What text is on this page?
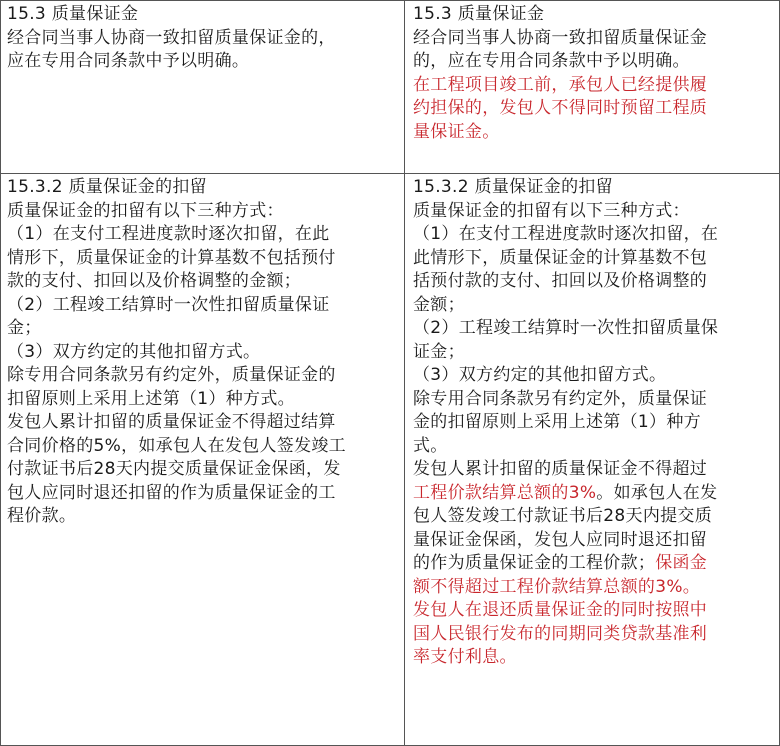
15.3 质量保证金
经合同当事人协商一致扣留质量保证金的，
应在专用合同条款中予以明确。
15.3 质量保证金
经合同当事人协商一致扣留质量保证金
的，应在专用合同条款中予以明确。
在工程项目竣工前，承包人已经提供履
约担保的，发包人不得同时预留工程质
量保证金。
15.3.2 质量保证金的扣留
质量保证金的扣留有以下三种方式：
（1）在支付工程进度款时逐次扣留，在此
情形下，质量保证金的计算基数不包括预付
款的支付、扣回以及价格调整的金额；
（2）工程竣工结算时一次性扣留质量保证
金；
（3）双方约定的其他扣留方式。
除专用合同条款另有约定外，质量保证金的
扣留原则上采用上述第（1）种方式。
发包人累计扣留的质量保证金不得超过结算
合同价格的5%，如承包人在发包人签发竣工
付款证书后28天内提交质量保证金保函，发
包人应同时退还扣留的作为质量保证金的工
程价款。
15.3.2 质量保证金的扣留
质量保证金的扣留有以下三种方式：
（1）在支付工程进度款时逐次扣留，在
此情形下，质量保证金的计算基数不包
括预付款的支付、扣回以及价格调整的
金额；
（2）工程竣工结算时一次性扣留质量保
证金；
（3）双方约定的其他扣留方式。
除专用合同条款另有约定外，质量保证
金的扣留原则上采用上述第（1）种方
式。
发包人累计扣留的质量保证金不得超过
工程价款结算总额的3%。如承包人在发
包人签发竣工付款证书后28天内提交质
量保证金保函，发包人应同时退还扣留
的作为质量保证金的工程价款；保函金
额不得超过工程价款结算总额的3%。
发包人在退还质量保证金的同时按照中
国人民银行发布的同期同类贷款基准利
率支付利息。
